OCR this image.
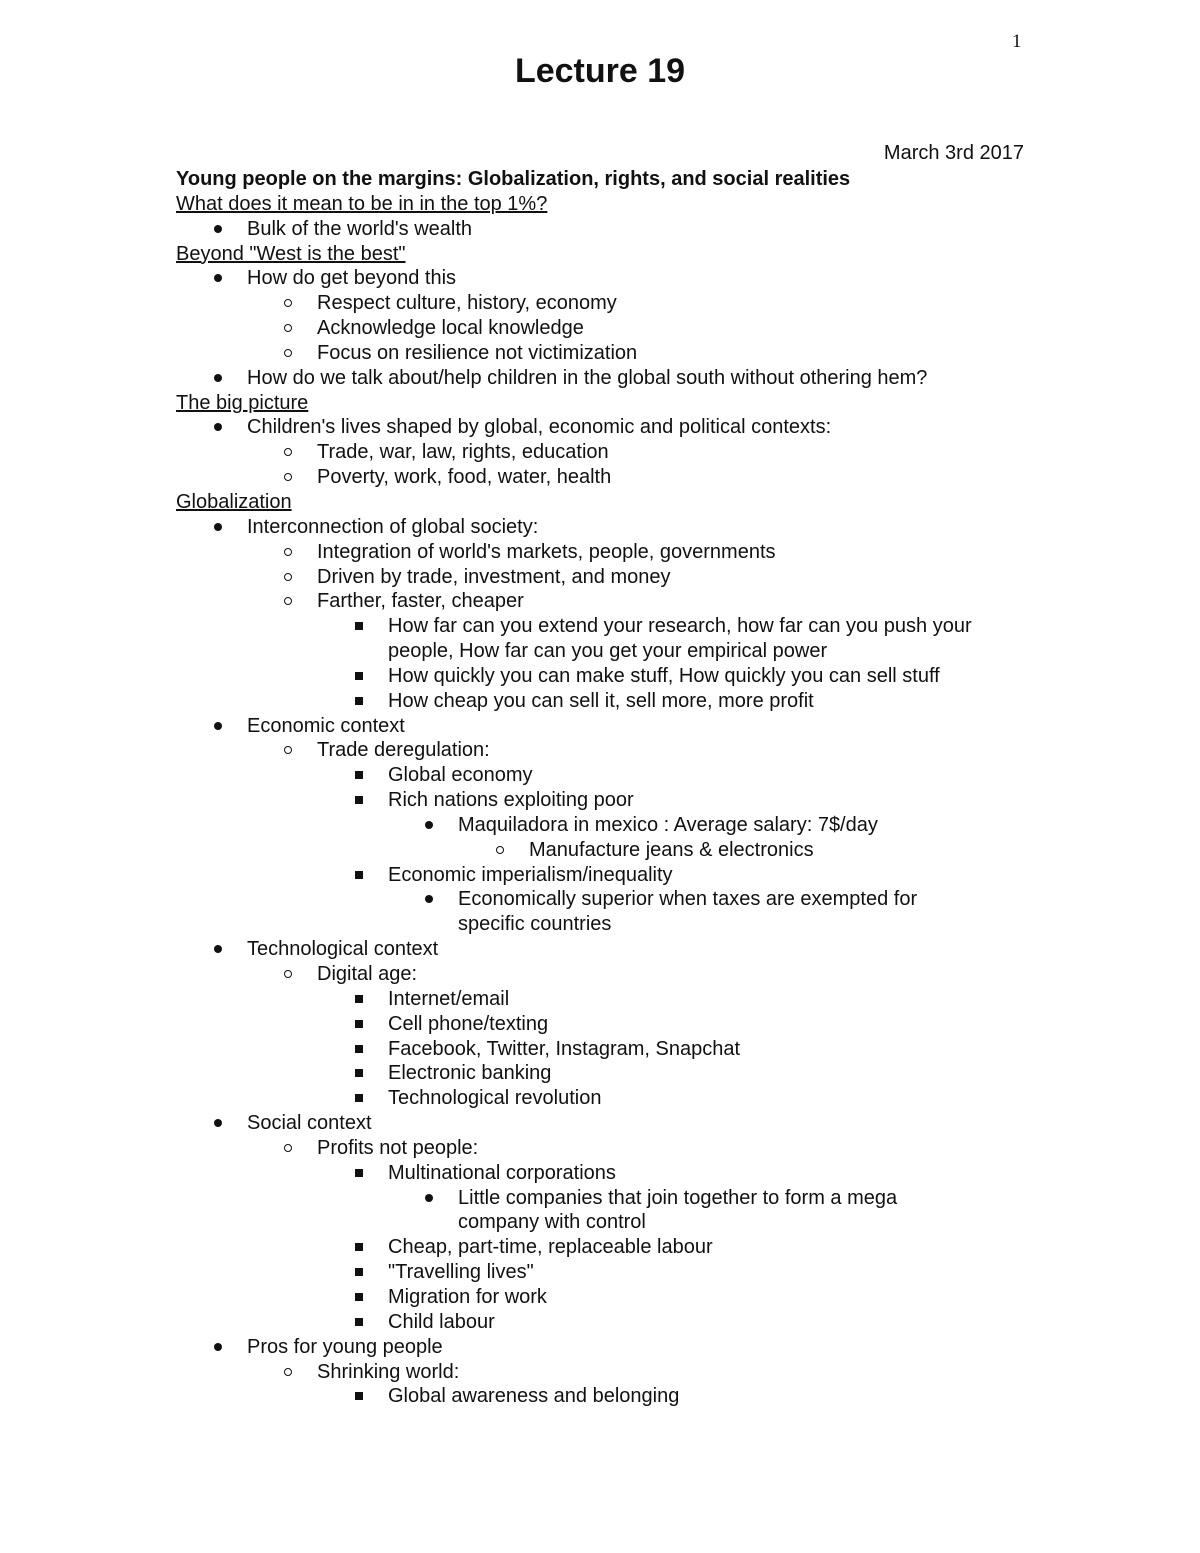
1
Lecture 19
March 3rd 2017
Young people on the margins: Globalization, rights, and social realities
What does it mean to be in in the top 1%?
Bulk of the world's wealth
Beyond "West is the best"
How do get beyond this
Respect culture, history, economy
Acknowledge local knowledge
Focus on resilience not victimization
How do we talk about/help children in the global south without othering hem?
The big picture
Children's lives shaped by global, economic and political contexts:
Trade, war, law, rights, education
Poverty, work, food, water, health
Globalization
Interconnection of global society:
Integration of world's markets, people, governments
Driven by trade, investment, and money
Farther, faster, cheaper
How far can you extend your research, how far can you push your
people, How far can you get your empirical power
How quickly you can make stuff, How quickly you can sell stuff
How cheap you can sell it, sell more, more profit
Economic context
Trade deregulation:
Global economy
Rich nations exploiting poor
Maquiladora in mexico : Average salary: 7$/day
Manufacture jeans & electronics
Economic imperialism/inequality
Economically superior when taxes are exempted for
specific countries
Technological context
Digital age:
Internet/email
Cell phone/texting
Facebook, Twitter, Instagram, Snapchat
Electronic banking
Technological revolution
Social context
Profits not people:
Multinational corporations
Little companies that join together to form a mega
company with control
Cheap, part-time, replaceable labour
"Travelling lives"
Migration for work
Child labour
Pros for young people
Shrinking world:
Global awareness and belonging
